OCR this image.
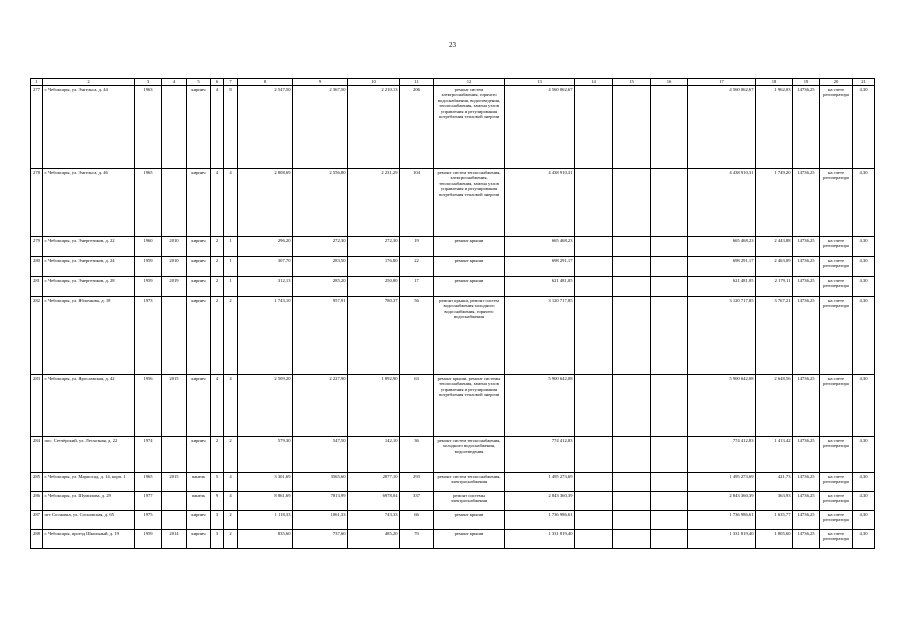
23
1	2	3	4	5	6	7	8	9	10	11	12	13	14	15	16	17	18	19	20	21
277	г. Чебоксары, ул. Энгельса, д. 44	1963		кирпич	4	8	2 547,50	2 367,50	2 210,13	206	ремонт систем электроснабжения, горячего водоснабжения, водоотведения, теплоснабжения, замена узлов управления и регулирования потребления тепловой энергии	4 560 062,67				4 560 062,67	1 962,03	14736,25	на счете регоператора	4,30
278	г. Чебоксары, ул. Энгельса, д. 46	1965		кирпич	4	4	2 808,69	2 556,80	2 231,29	104	ремонт систем теплоснабжения, электроснабжения, теплоснабжения, замена узлов управления и регулирования потребления тепловой энергии	4 438 910,31				4 438 910,31	1 749,20	14736,25	на счете регоператора	4,30
279	г. Чебоксары, ул. Энергетиков, д. 22	1960	2010	кирпич	2	1	296,20	272,30	272,30	19	ремонт крыши	665 468,23				665 468,23	2 443,88	14736,25	на счете регоператора	4,30
280	г. Чебоксары, ул. Энергетиков, д. 24	1959	2010	кирпич	2	1	307,70	283,50	176,80	22	ремонт крыши	698 291,17				698 291,17	2 463,09	14736,25	на счете регоператора	4,30
281	г. Чебоксары, ул. Энергетиков, д. 28	1959	2019	кирпич	2	1	312,13	285,20	250,80	17	ремонт крыши	621 481,05				621 481,05	2 179,11	14736,25	на счете регоператора	4,30
282	г. Чебоксары, ул. Яблочкова, д. 18	1973		кирпич	2	2	1 743,10	957,91	780,37	56	ремонт крыши, ремонт систем водоснабжения холодного водоснабжения, горячего водоснабжения	3 120 717,85				3 120 717,85	3 767,21	14736,25	на счете регоператора	4,30
283	г. Чебоксары, ул. Ярославская, д. 42	1956	2015	кирпич	4	4	2 509,20	2 227,90	1 892,90	63	ремонт крыши, ремонт системы теплоснабжения, замена узлов управления и регулирования потребления тепловой энергии	5 900 642,08				5 900 642,08	2 648,56	14736,25	на счете регоператора	4,30
284	пос. Сетчёрский, ул. Лесхозная, д. 22	1974		кирпич	2	2	579,30	547,50	142,10	36	ремонт систем теплоснабжения, холодного водоснабжения, водоотведения	774 412,83				774 412,83	1 413,42	14736,25	на счете регоператора	4,30
285	г. Чебоксары, ул. Марпосад, д. 14, корп. 1	1965	2015	панель	5	4	3 301,69	3565,60	2877,10	293	ремонт систем теплоснабжения, электроснабжения	1 495 273,69				1 495 273,69	421,73	14736,25	на счете регоператора	4,30
286	г. Чебоксары, ул. Шумилова, д. 29	1977		панель	9	4	8 861,69	7813,99	6978,04	337	ремонт системы электроснабжения	2 843 360,39				2 843 360,39	363,93	14736,25	на счете регоператора	4,30
287	пгт Сосновка, ул. Сосновская, д. 65	1975		кирпич	3	2	1 118,33	1061,33	743,33	66	ремонт крыши	1 736 986,61				1 736 986,61	1 635,77	14736,25	на счете регоператора	4,30
288	г. Чебоксары, проезд Школьный, д. 19	1959	2014	кирпич	3	2	835,60	737,60	485,20	70	ремонт крыши	1 331 819,40				1 331 819,40	1 805,60	14736,25	на счете регоператора	4,30
